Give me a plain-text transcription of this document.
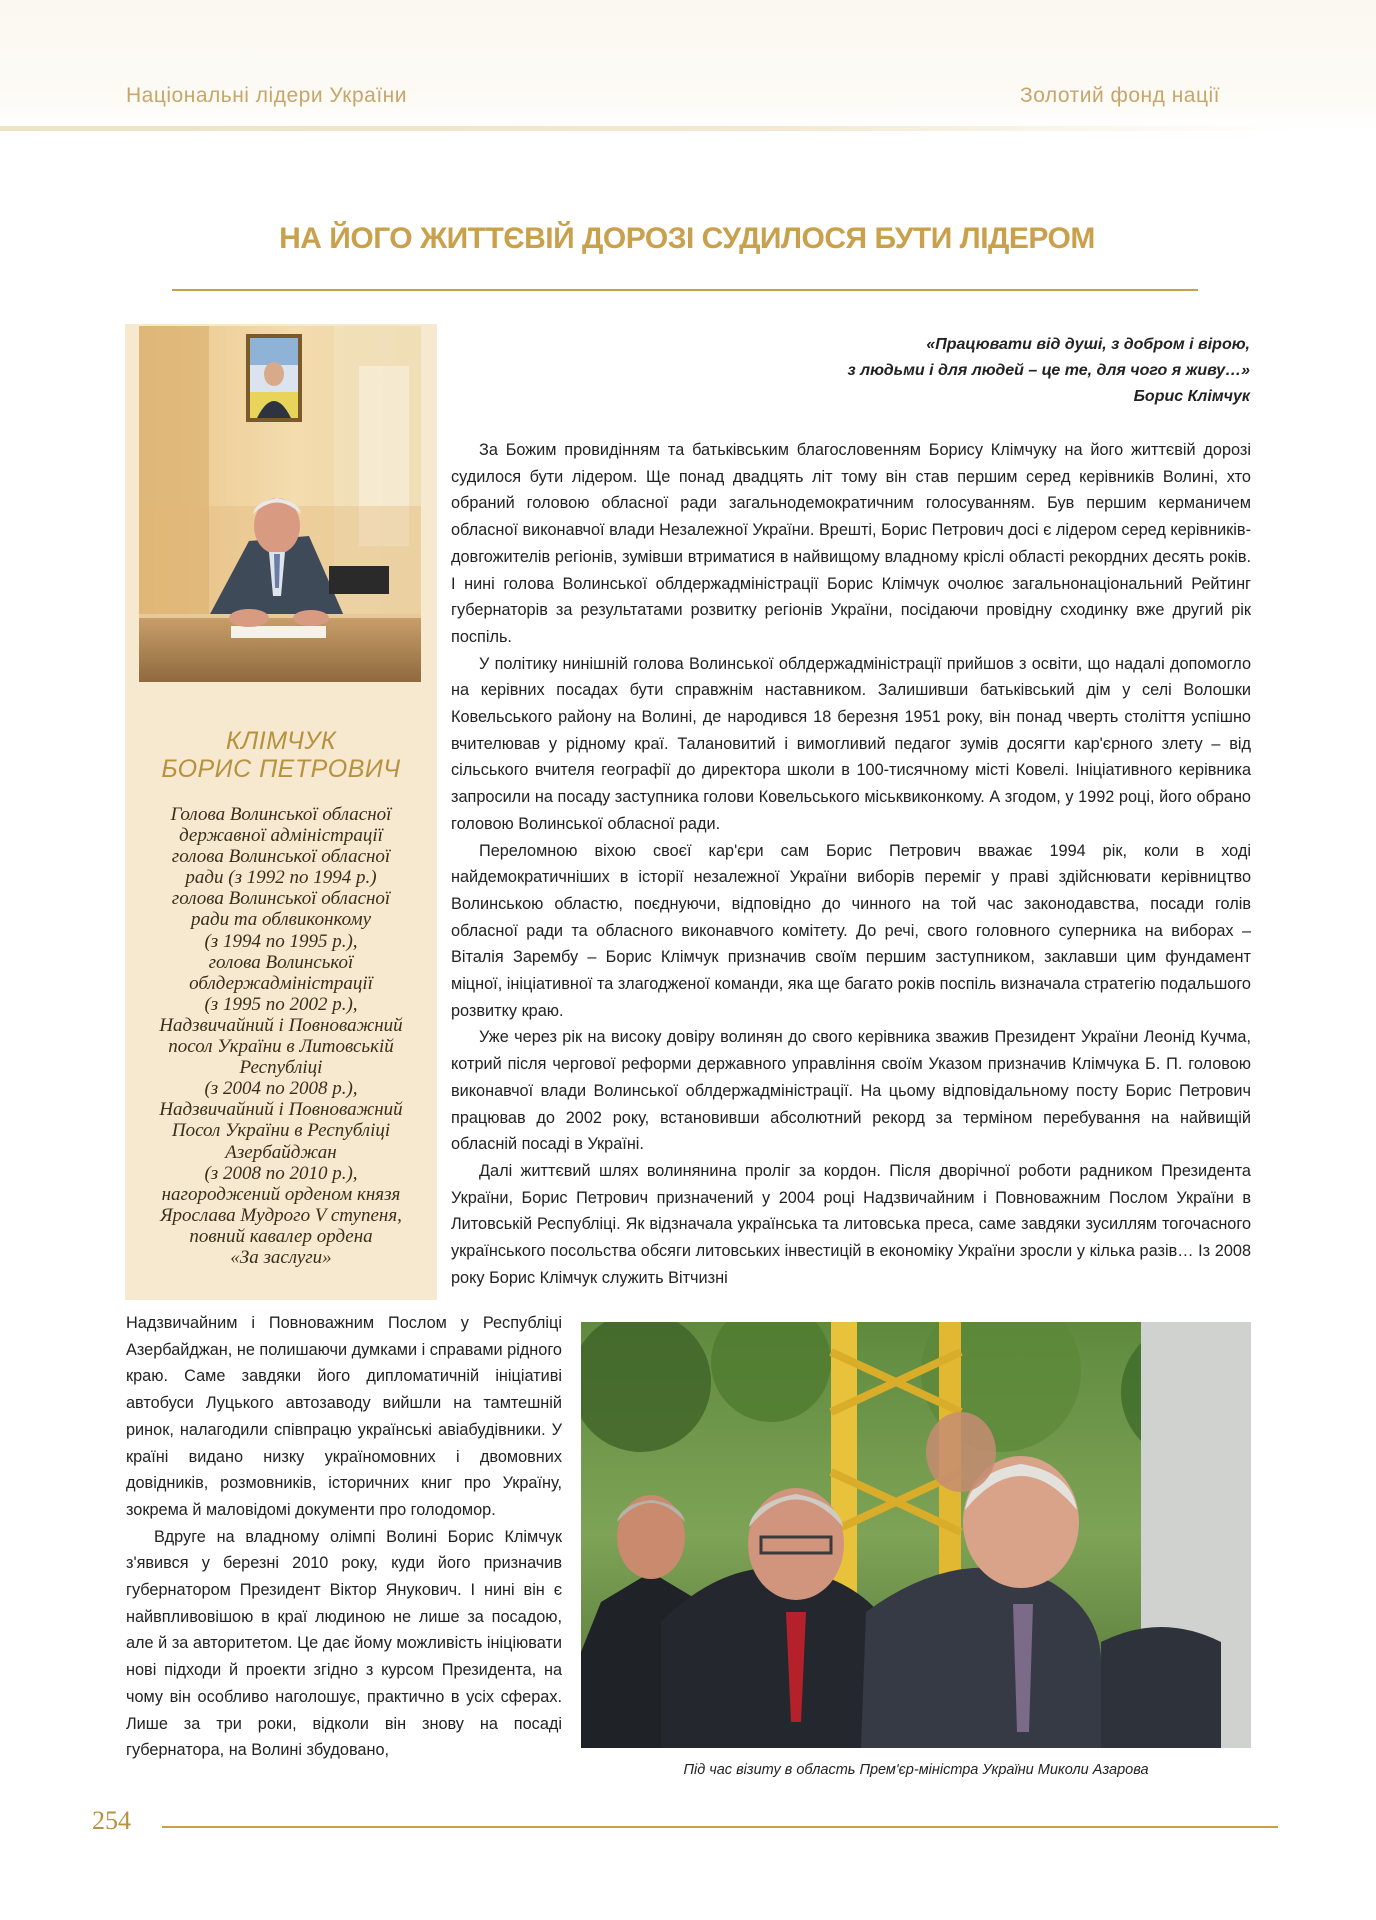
Національні лідери України	Золотий фонд нації
НА ЙОГО ЖИТТЄВІЙ ДОРОЗІ СУДИЛОСЯ БУТИ ЛІДЕРОМ
КЛІМЧУК
БОРИС ПЕТРОВИЧ
Голова Волинської обласної
державної адміністрації
голова Волинської обласної
ради (з 1992 по 1994 р.)
голова Волинської обласної
ради та облвиконкому
(з 1994 по 1995 р.),
голова Волинської
облдержадміністрації
(з 1995 по 2002 р.),
Надзвичайний і Повноважний
посол України в Литовській
Республіці
(з 2004 по 2008 р.),
Надзвичайний і Повноважний
Посол України в Республіці
Азербайджан
(з 2008 по 2010 р.),
нагороджений орденом князя
Ярослава Мудрого V ступеня,
повний кавалер ордена
«За заслуги»
«Працювати від душі, з добром і вірою,
з людьми і для людей – це те, для чого я живу…»
Борис Клімчук

За Божим провидінням та батьківським благословенням Борису Клімчуку на його життєвій дорозі судилося бути лідером. Ще понад двадцять літ тому він став першим серед керівників Волині, хто обраний головою обласної ради загальнодемократичним голосуванням. Був першим керманичем обласної виконавчої влади Незалежної України. Врешті, Борис Петрович досі є лідером серед керівників-довгожителів регіонів, зумівши втриматися в найвищому владному кріслі області рекордних десять років. І нині голова Волинської облдержадміністрації Борис Клімчук очолює загальнонаціональний Рейтинг губернаторів за результатами розвитку регіонів України, посідаючи провідну сходинку вже другий рік поспіль.

У політику нинішній голова Волинської облдержадміністрації прийшов з освіти, що надалі допомогло на керівних посадах бути справжнім наставником. Залишивши батьківський дім у селі Волошки Ковельського району на Волині, де народився 18 березня 1951 року, він понад чверть століття успішно вчителював у рідному краї. Талановитий і вимогливий педагог зумів досягти кар'єрного злету – від сільського вчителя географії до директора школи в 100-тисячному місті Ковелі. Ініціативного керівника запросили на посаду заступника голови Ковельського міськвиконкому. А згодом, у 1992 році, його обрано головою Волинської обласної ради.

Переломною віхою своєї кар'єри сам Борис Петрович вважає 1994 рік, коли в ході найдемократичніших в історії незалежної України виборів переміг у праві здійснювати керівництво Волинською областю, поєднуючи, відповідно до чинного на той час законодавства, посади голів обласної ради та обласного виконавчого комітету. До речі, свого головного суперника на виборах – Віталія Зарембу – Борис Клімчук призначив своїм першим заступником, заклавши цим фундамент міцної, ініціативної та злагодженої команди, яка ще багато років поспіль визначала стратегію подальшого розвитку краю.

Уже через рік на високу довіру волинян до свого керівника зважив Президент України Леонід Кучма, котрий після чергової реформи державного управління своїм Указом призначив Клімчука Б. П. головою виконавчої влади Волинської облдержадміністрації. На цьому відповідальному посту Борис Петрович працював до 2002 року, встановивши абсолютний рекорд за терміном перебування на найвищій обласній посаді в Україні.

Далі життєвий шлях волинянина проліг за кордон. Після дворічної роботи радником Президента України, Борис Петрович призначений у 2004 році Надзвичайним і Повноважним Послом України в Литовській Республіці. Як відзначала українська та литовська преса, саме завдяки зусиллям тогочасного українського посольства обсяги литовських інвестицій в економіку України зросли у кілька разів… Із 2008 року Борис Клімчук служить Вітчизні

Надзвичайним і Повноважним Послом у Республіці Азербайджан, не полишаючи думками і справами рідного краю. Саме завдяки його дипломатичній ініціативі автобуси Луцького автозаводу вийшли на тамтешній ринок, налагодили співпрацю українські авіабудівники. У країні видано низку україномовних і двомовних довідників, розмовників, історичних книг про Україну, зокрема й маловідомі документи про голодомор.

Вдруге на владному олімпі Волині Борис Клімчук з'явився у березні 2010 року, куди його призначив губернатором Президент Віктор Янукович. І нині він є найвпливовішою в краї людиною не лише за посадою, але й за авторитетом. Це дає йому можливість ініціювати нові підходи й проекти згідно з курсом Президента, на чому він особливо наголошує, практично в усіх сферах. Лише за три роки, відколи він знову на посаді губернатора, на Волині збудовано,

Під час візиту в область Прем'єр-міністра України Миколи Азарова
254
